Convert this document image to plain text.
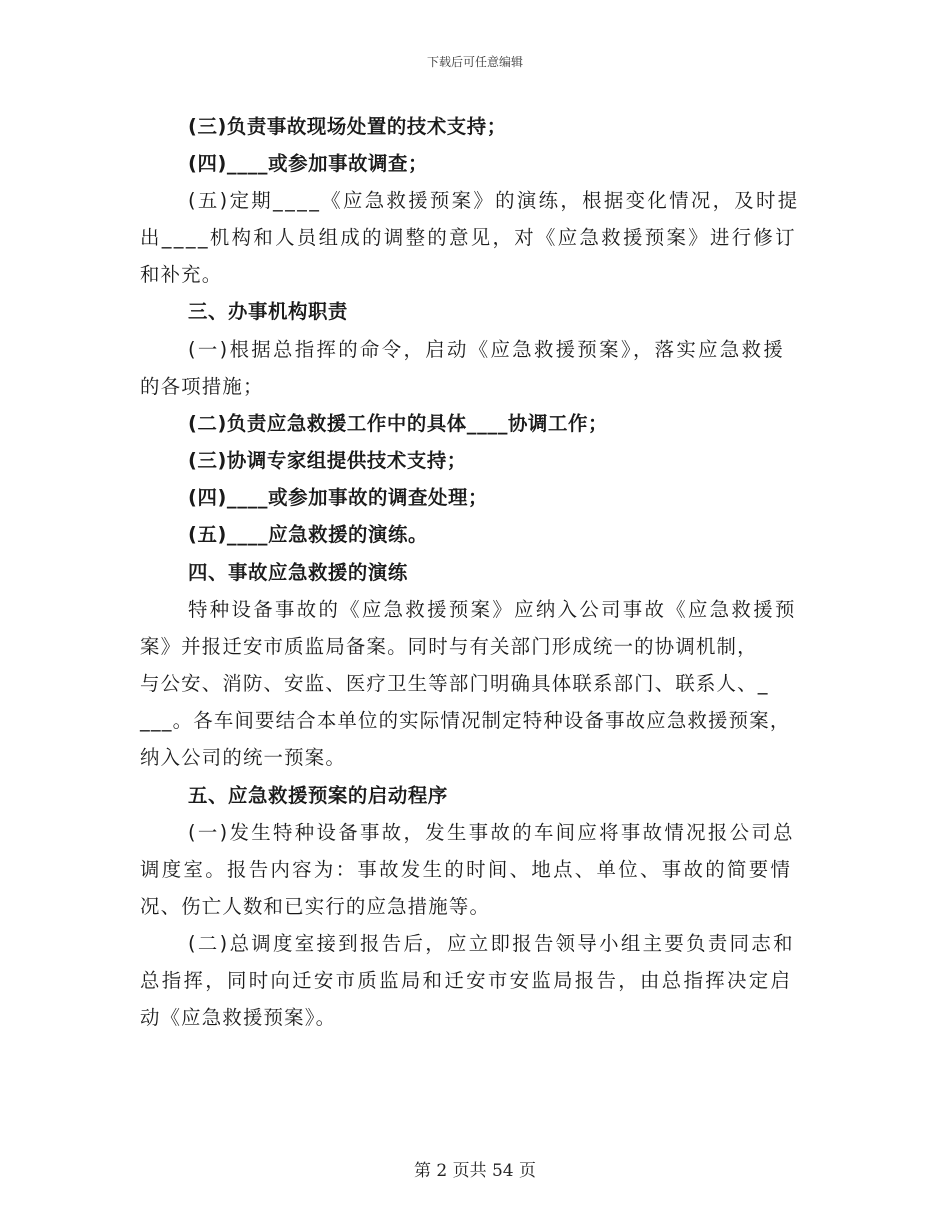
下载后可任意编辑
(三)负责事故现场处置的技术支持；
(四)____或参加事故调查；
(五)定期____《应急救援预案》的演练，根据变化情况，及时提
出____机构和人员组成的调整的意见，对《应急救援预案》进行修订
和补充。
三、办事机构职责
(一)根据总指挥的命令，启动《应急救援预案》，落实应急救援
的各项措施；
(二)负责应急救援工作中的具体____协调工作；
(三)协调专家组提供技术支持；
(四)____或参加事故的调查处理；
(五)____应急救援的演练。
四、事故应急救援的演练
特种设备事故的《应急救援预案》应纳入公司事故《应急救援预
案》并报迁安市质监局备案。同时与有关部门形成统一的协调机制，
与公安、消防、安监、医疗卫生等部门明确具体联系部门、联系人、_
___。各车间要结合本单位的实际情况制定特种设备事故应急救援预案，
纳入公司的统一预案。
五、应急救援预案的启动程序
(一)发生特种设备事故，发生事故的车间应将事故情况报公司总
调度室。报告内容为：事故发生的时间、地点、单位、事故的简要情
况、伤亡人数和已实行的应急措施等。
(二)总调度室接到报告后，应立即报告领导小组主要负责同志和
总指挥，同时向迁安市质监局和迁安市安监局报告，由总指挥决定启
动《应急救援预案》。
第 2 页共 54 页
